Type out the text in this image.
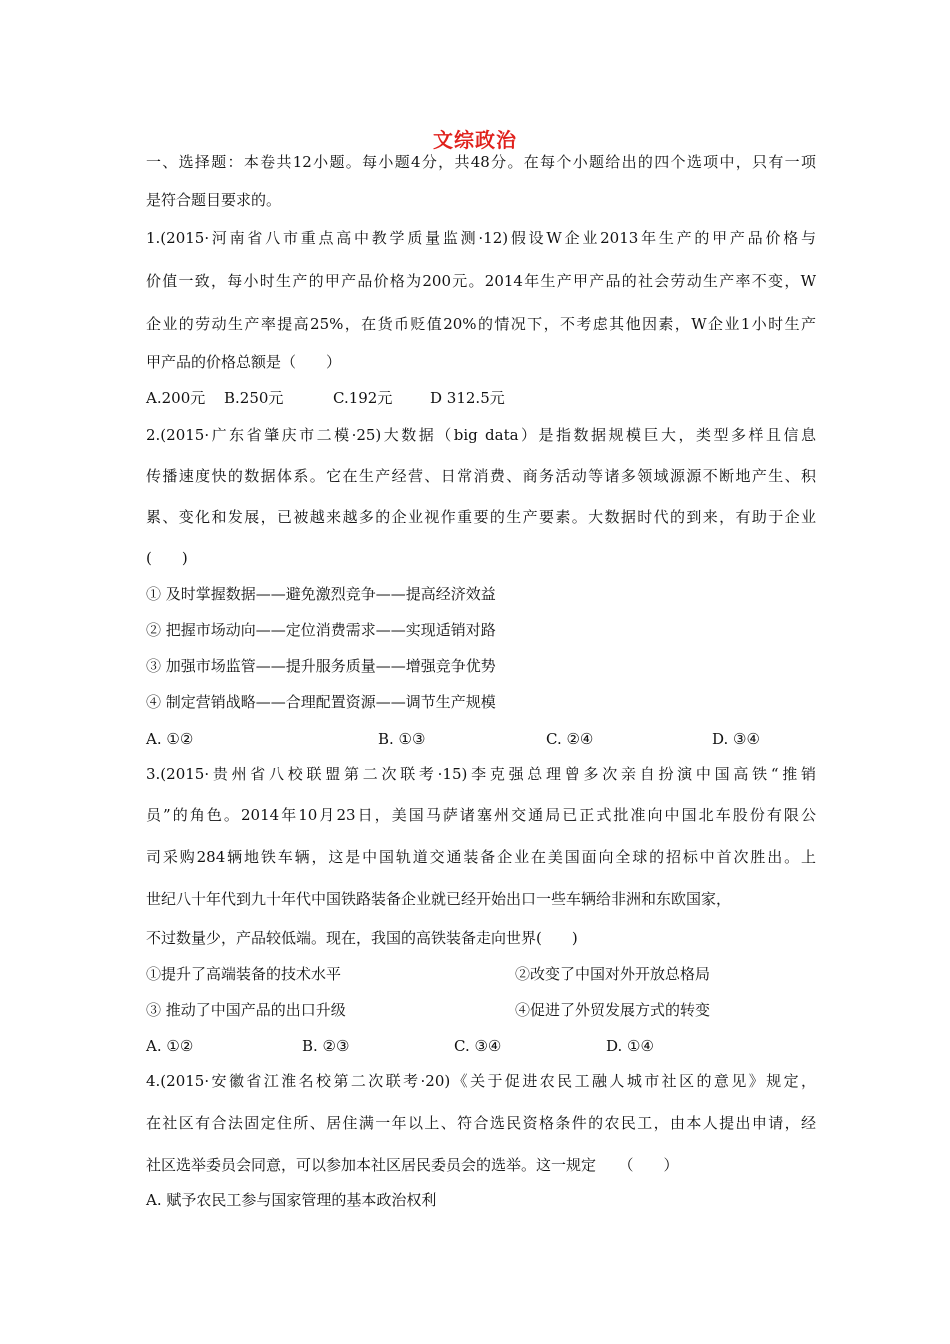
文综政治
一、选择题：本卷共12小题。每小题4分，共48分。在每个小题给出的四个选项中，只有一项
是符合题目要求的。
1.(2015·河南省八市重点高中教学质量监测·12)假设W企业2013年生产的甲产品价格与
价值一致，每小时生产的甲产品价格为200元。2014年生产甲产品的社会劳动生产率不变，W
企业的劳动生产率提高25%，在货币贬值20%的情况下，不考虑其他因素，W企业1小时生产
甲产品的价格总额是（　　）
A.200元 B.250元	C.192元	D 312.5元
2.(2015·广东省肇庆市二模·25)大数据（big data）是指数据规模巨大，类型多样且信息
传播速度快的数据体系。它在生产经营、日常消费、商务活动等诸多领域源源不断地产生、积
累、变化和发展，已被越来越多的企业视作重要的生产要素。大数据时代的到来，有助于企业
(　　)
① 及时掌握数据——避免激烈竞争——提高经济效益
② 把握市场动向——定位消费需求——实现适销对路
③ 加强市场监管——提升服务质量——增强竞争优势
④ 制定营销战略——合理配置资源——调节生产规模
A. ①②	B. ①③	C. ②④	D. ③④
3.(2015·贵州省八校联盟第二次联考·15)李克强总理曾多次亲自扮演中国高铁“推销
员”的角色。2014年10月23日，美国马萨诸塞州交通局已正式批准向中国北车股份有限公
司采购284辆地铁车辆，这是中国轨道交通装备企业在美国面向全球的招标中首次胜出。上
世纪八十年代到九十年代中国铁路装备企业就已经开始出口一些车辆给非洲和东欧国家，
不过数量少，产品较低端。现在，我国的高铁装备走向世界(　　)
①提升了高端装备的技术水平	②改变了中国对外开放总格局
③ 推动了中国产品的出口升级	④促进了外贸发展方式的转变
A. ①②	B. ②③	C. ③④	D. ①④
4.(2015·安徽省江淮名校第二次联考·20)《关于促进农民工融人城市社区的意见》规定，
在社区有合法固定住所、居住满一年以上、符合选民资格条件的农民工，由本人提出申请，经
社区选举委员会同意，可以参加本社区居民委员会的选举。这一规定　　（　　）
A. 赋予农民工参与国家管理的基本政治权利
